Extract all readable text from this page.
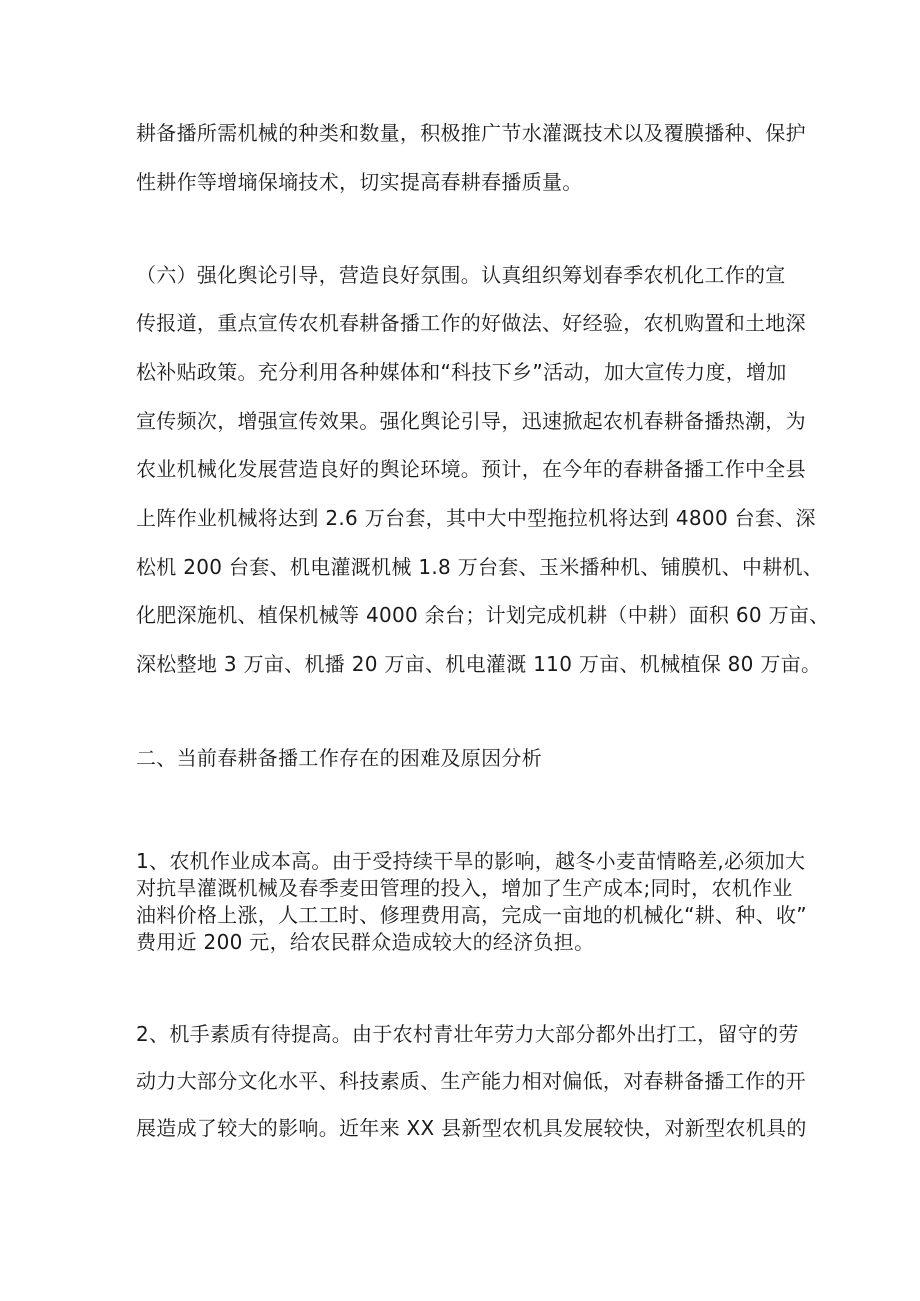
耕备播所需机械的种类和数量，积极推广节水灌溉技术以及覆膜播种、保护

性耕作等增墒保墒技术，切实提高春耕春播质量。

（六）强化舆论引导，营造良好氛围。认真组织筹划春季农机化工作的宣

传报道，重点宣传农机春耕备播工作的好做法、好经验，农机购置和土地深

松补贴政策。充分利用各种媒体和“科技下乡”活动，加大宣传力度，增加

宣传频次，增强宣传效果。强化舆论引导，迅速掀起农机春耕备播热潮，为

农业机械化发展营造良好的舆论环境。预计，在今年的春耕备播工作中全县

上阵作业机械将达到 2.6 万台套，其中大中型拖拉机将达到 4800 台套、深

松机 200 台套、机电灌溉机械 1.8 万台套、玉米播种机、铺膜机、中耕机、

化肥深施机、植保机械等 4000 余台；计划完成机耕（中耕）面积 60 万亩、

深松整地 3 万亩、机播 20 万亩、机电灌溉 110 万亩、机械植保 80 万亩。

二、当前春耕备播工作存在的困难及原因分析

1、农机作业成本高。由于受持续干旱的影响，越冬小麦苗情略差,必须加大

对抗旱灌溉机械及春季麦田管理的投入，增加了生产成本;同时，农机作业

油料价格上涨，人工工时、修理费用高，完成一亩地的机械化“耕、种、收”

费用近 200 元，给农民群众造成较大的经济负担。

2、机手素质有待提高。由于农村青壮年劳力大部分都外出打工，留守的劳

动力大部分文化水平、科技素质、生产能力相对偏低，对春耕备播工作的开

展造成了较大的影响。近年来 XX 县新型农机具发展较快，对新型农机具的
